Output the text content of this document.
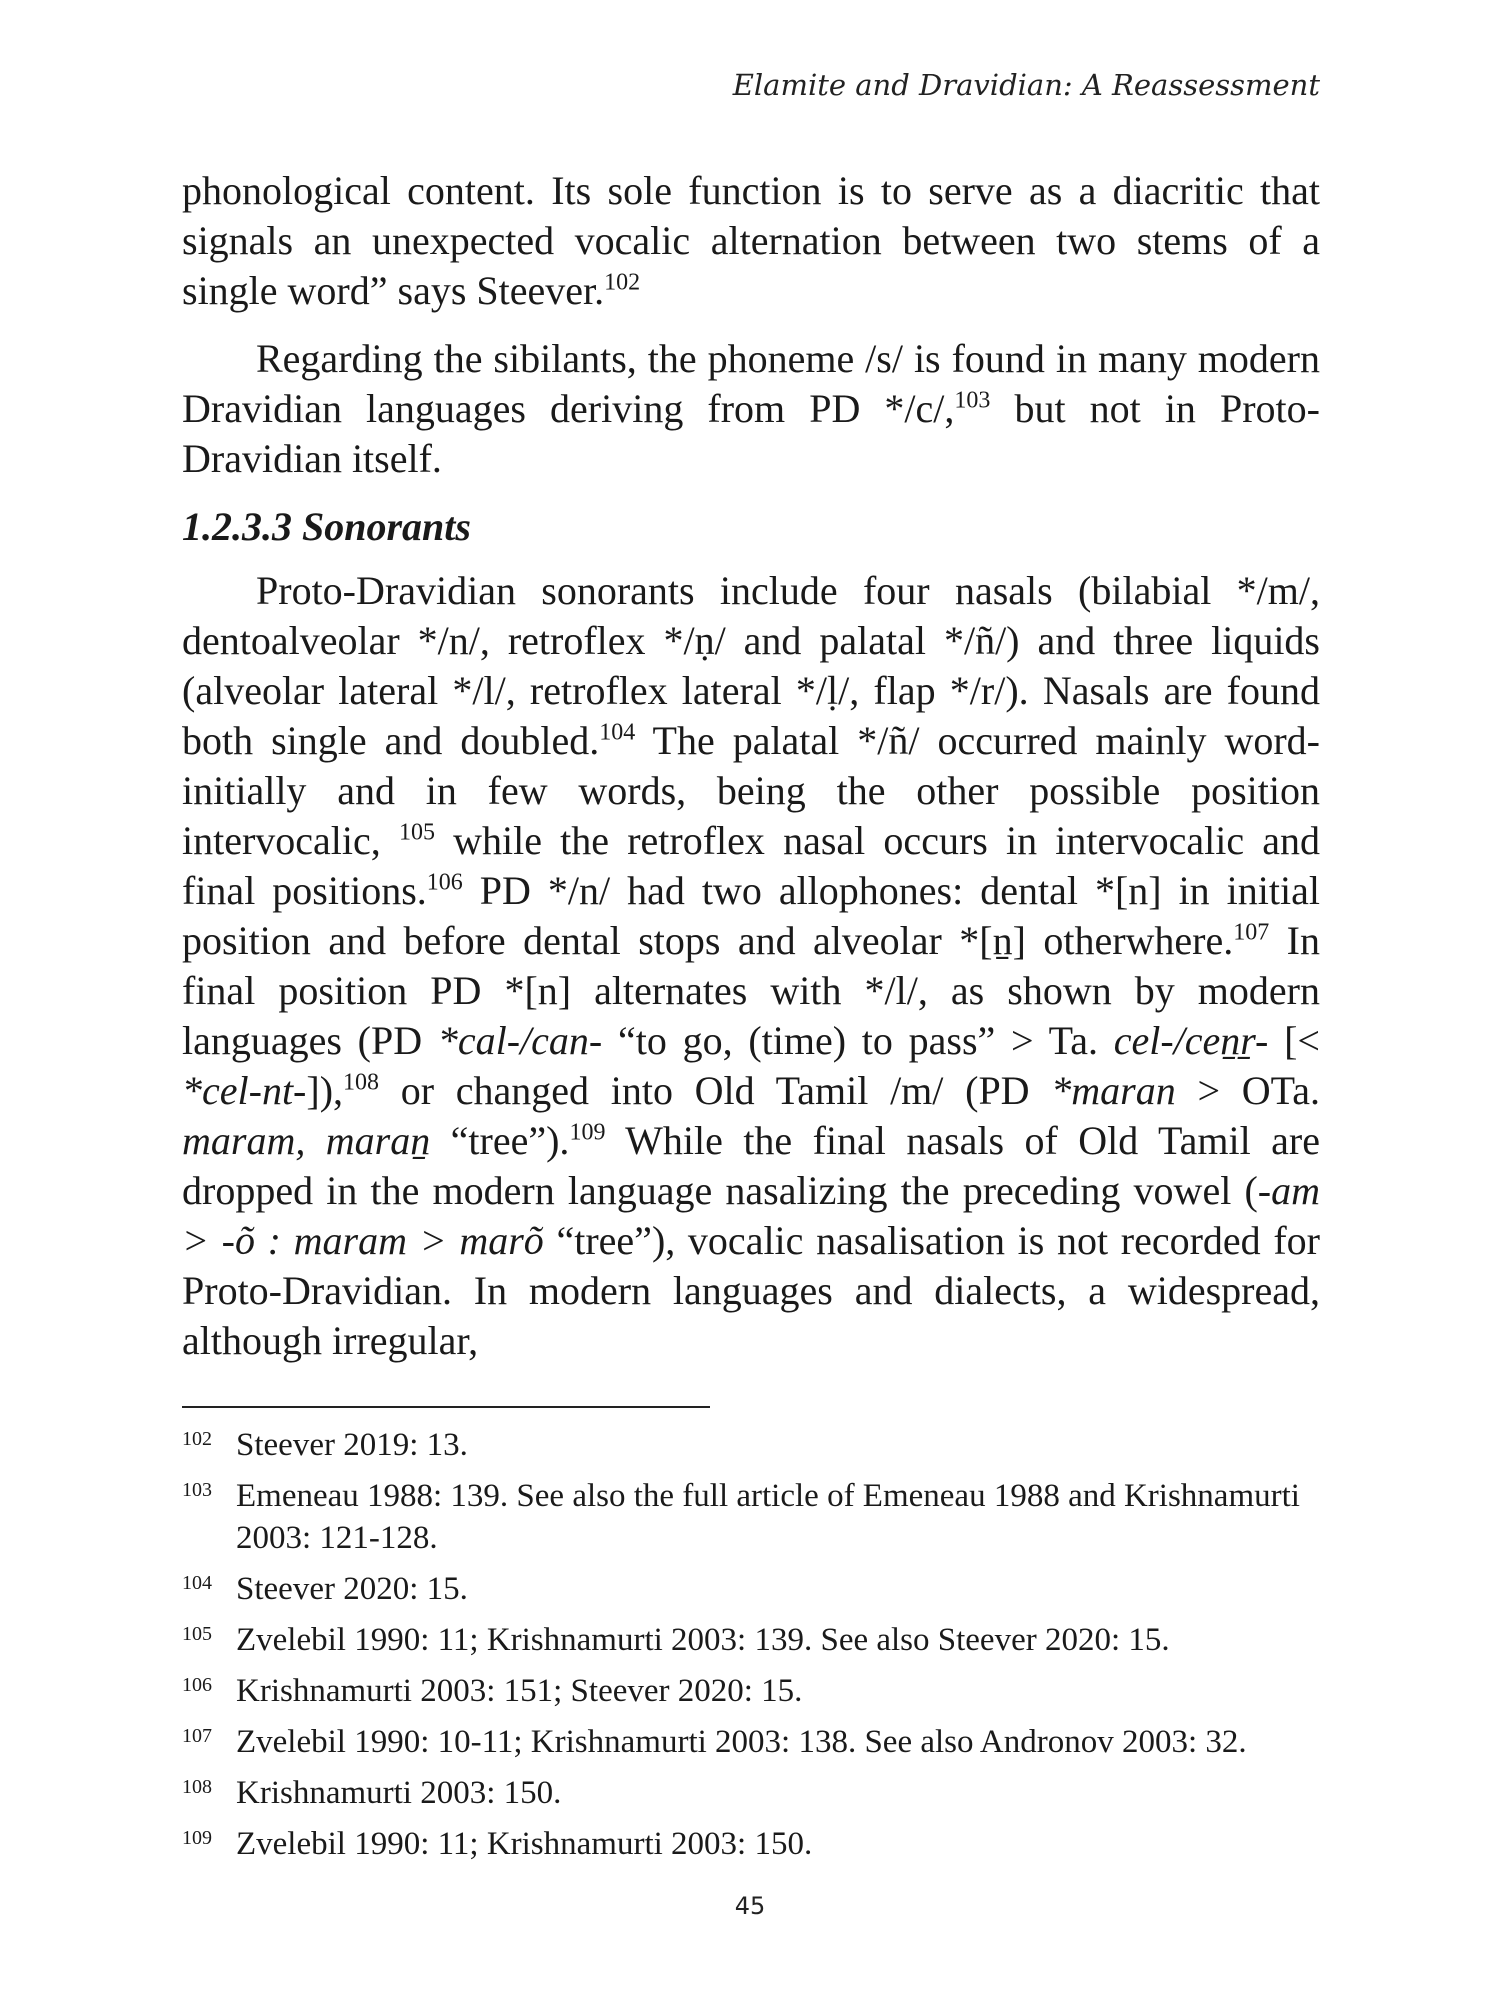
Elamite and Dravidian: A Reassessment

phonological content. Its sole function is to serve as a diacritic that signals an unexpected vocalic alternation between two stems of a single word” says Steever.$^{102}$

Regarding the sibilants, the phoneme /s/ is found in many modern Dravidian languages deriving from PD */c/,$^{103}$ but not in Proto-Dravidian itself.

1.2.3.3 Sonorants

Proto-Dravidian sonorants include four nasals (bilabial */m/, dentoalveolar */n/, retroflex */ṇ/ and palatal */ñ/) and three liquids (alveolar lateral */l/, retroflex lateral */ḷ/, flap */r/). Nasals are found both single and doubled.$^{104}$ The palatal */ñ/ occurred mainly word-initially and in few words, being the other possible position intervocalic, $^{105}$ while the retroflex nasal occurs in intervocalic and final positions.$^{106}$ PD */n/ had two allophones: dental *[n] in initial position and before dental stops and alveolar *[n̠] otherwhere.$^{107}$ In final position PD *[n] alternates with */l/, as shown by modern languages (PD *cal-/can- “to go, (time) to pass” > Ta. cel-/cen̠r̠- [< *cel-nt-]),$^{108}$ or changed into Old Tamil /m/ (PD *maran > OTa. maram, maran̠ “tree”).$^{109}$ While the final nasals of Old Tamil are dropped in the modern language nasalizing the preceding vowel (-am > -õ : maram > marõ “tree”), vocalic nasalisation is not recorded for Proto-Dravidian. In modern languages and dialects, a widespread, although irregular,

102 Steever 2019: 13.
103 Emeneau 1988: 139. See also the full article of Emeneau 1988 and Krishnamurti 2003: 121-128.
104 Steever 2020: 15.
105 Zvelebil 1990: 11; Krishnamurti 2003: 139. See also Steever 2020: 15.
106 Krishnamurti 2003: 151; Steever 2020: 15.
107 Zvelebil 1990: 10-11; Krishnamurti 2003: 138. See also Andronov 2003: 32.
108 Krishnamurti 2003: 150.
109 Zvelebil 1990: 11; Krishnamurti 2003: 150.
45
